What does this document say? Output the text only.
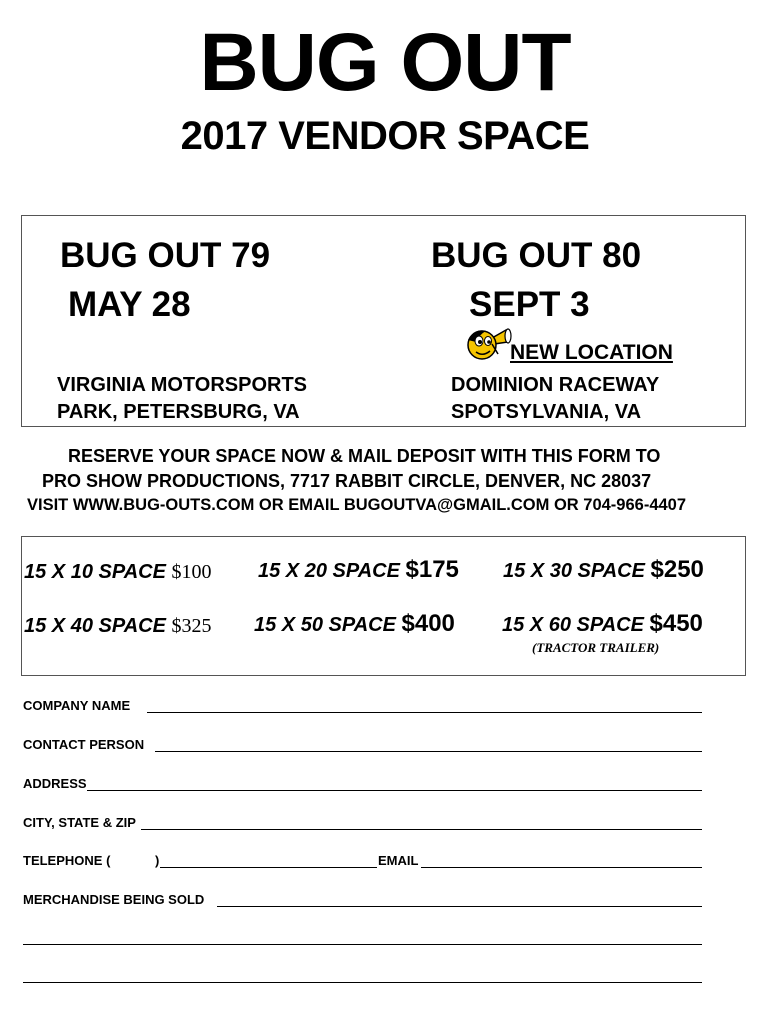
BUG OUT
2017 VENDOR SPACE
BUG OUT 79
MAY 28
VIRGINIA MOTORSPORTS
PARK, PETERSBURG, VA
BUG OUT 80
SEPT 3
NEW LOCATION
DOMINION RACEWAY
SPOTSYLVANIA, VA
RESERVE YOUR SPACE NOW & MAIL DEPOSIT WITH THIS FORM TO
PRO SHOW PRODUCTIONS, 7717 RABBIT CIRCLE, DENVER, NC 28037
VISIT WWW.BUG-OUTS.COM OR EMAIL BUGOUTVA@GMAIL.COM OR 704-966-4407
15 X 10 SPACE $100 15 X 20 SPACE $175 15 X 30 SPACE $250
15 X 40 SPACE $325 15 X 50 SPACE $400 15 X 60 SPACE $450
(TRACTOR TRAILER)
COMPANY NAME
CONTACT PERSON
ADDRESS
CITY, STATE & ZIP
TELEPHONE (	)	EMAIL
MERCHANDISE BEING SOLD
